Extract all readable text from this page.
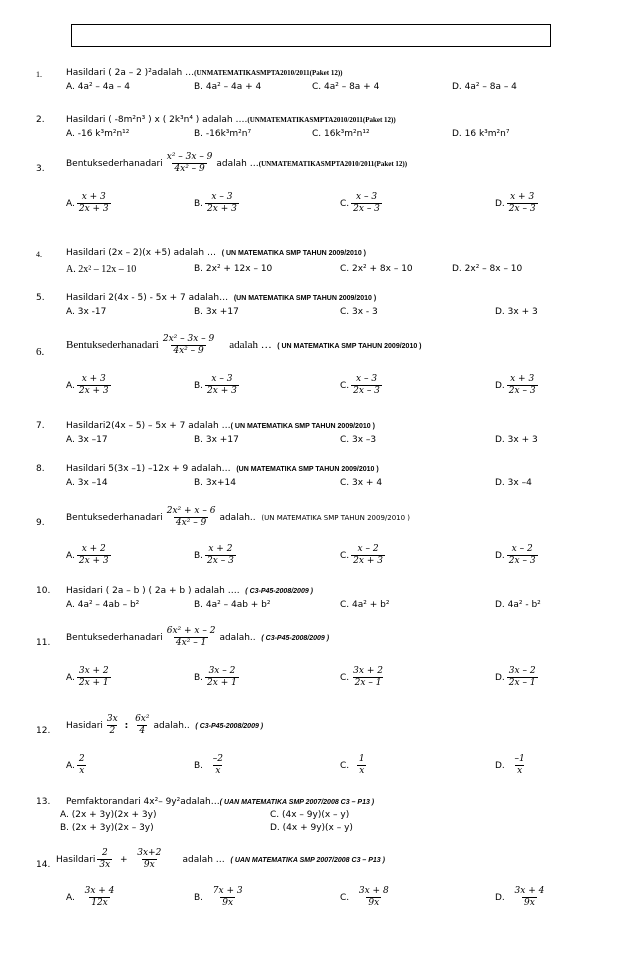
1.	Hasildari ( 2a – 2 )²adalah …(UNMATEMATIKASMPTA2010/2011(Paket 12))
A. 4a² – 4a – 4	B. 4a² – 4a + 4	C. 4a² – 8a + 4	D. 4a² – 8a – 4
2. Hasildari ( -8m²n³ ) x ( 2k³n⁴ ) adalah ….(UNMATEMATIKASMPTA2010/2011(Paket 12))
A. -16 k³m²n¹²	B. -16k³m²n⁷	C. 16k³m²n¹²	D. 16 k³m²n⁷
3. Bentuksederhanadari $\frac{\text{x² – 3x – 9}}{\text{4x² – 9}}$ adalah …(UNMATEMATIKASMPTA2010/2011(Paket 12))
A. $\frac{x + 3}{2x + 3}$	B. $\frac{x - 3}{2x + 3}$	C. $\frac{x - 3}{2x - 3}$	D. $\frac{x + 3}{2x - 3}$
4.	Hasildari (2x – 2)(x +5) adalah … ( UN MATEMATIKA SMP TAHUN 2009/2010 )
A. 2x² – 12x – 10	B. 2x² + 12x – 10	C. 2x² + 8x – 10	D. 2x² – 8x – 10
5. Hasildari 2(4x - 5) - 5x + 7 adalah… (UN MATEMATIKA SMP TAHUN 2009/2010 )
A. 3x -17	B. 3x +17	C. 3x - 3	D. 3x + 3
6.
Bentuksederhanadari $\frac{\text{2x² – 3x – 9}}{\text{4x² – 9}}$ adalah … ( UN MATEMATIKA SMP TAHUN 2009/2010 )
A. $\frac{x + 3}{2x + 3}$	B. $\frac{x - 3}{2x + 3}$	C. $\frac{x - 3}{2x - 3}$	D. $\frac{x + 3}{2x - 3}$
7. Hasildari2(4x – 5) – 5x + 7 adalah …( UN MATEMATIKA SMP TAHUN 2009/2010 )
A. 3x –17	B. 3x +17	C. 3x –3	D. 3x + 3
8. Hasildari 5(3x –1) –12x + 9 adalah… (UN MATEMATIKA SMP TAHUN 2009/2010 )
A. 3x –14	B. 3x+14	C. 3x + 4	D. 3x –4
9. Bentuksederhanadari $\frac{\text{2x² + x – 6}}{\text{4x² – 9}}$ adalah.. (UN MATEMATIKA SMP TAHUN 2009/2010 )
A. $\frac{x + 2}{2x + 3}$	B. $\frac{x + 2}{2x - 3}$	C. $\frac{x - 2}{2x + 3}$	D. $\frac{x - 2}{2x - 3}$
10. Hasidari ( 2a – b ) ( 2a + b ) adalah …. ( C3-P45-2008/2009 )
A. 4a² – 4ab – b²	B. 4a² – 4ab + b²	C. 4a² + b²	D. 4a² - b²
11. Bentuksederhanadari $\frac{\text{6x² + x – 2}}{\text{4x² – 1}}$ adalah.. ( C3-P45-2008/2009 )
A. $\frac{3x + 2}{2x + 1}$	B. $\frac{3x - 2}{2x + 1}$	C. $\frac{3x + 2}{2x - 1}$	D. $\frac{3x - 2}{2x - 1}$
12. Hasidari $\frac{3x}{2}$ : $\frac{\text{6x²}}{4}$ adalah.. ( C3-P45-2008/2009 )
A. $\frac{2}{x}$	B. $\frac{-2}{x}$	C. $\frac{1}{x}$	D. $\frac{-1}{x}$
13. Pemfaktorandari 4x²– 9y²adalah…( UAN MATEMATIKA SMP 2007/2008 C3 – P13 )
A. (2x + 3y)(2x + 3y)	C. (4x – 9y)(x – y)
B. (2x + 3y)(2x – 3y)	D. (4x + 9y)(x – y)
14. Hasildari $\frac{2}{3x} + \frac{3x+2}{9x}$ adalah … ( UAN MATEMATIKA SMP 2007/2008 C3 – P13 )
A. $\frac{3x + 4}{12x}$	B. $\frac{7x + 3}{9x}$	C. $\frac{3x + 8}{9x}$	D. $\frac{3x + 4}{9x}$
